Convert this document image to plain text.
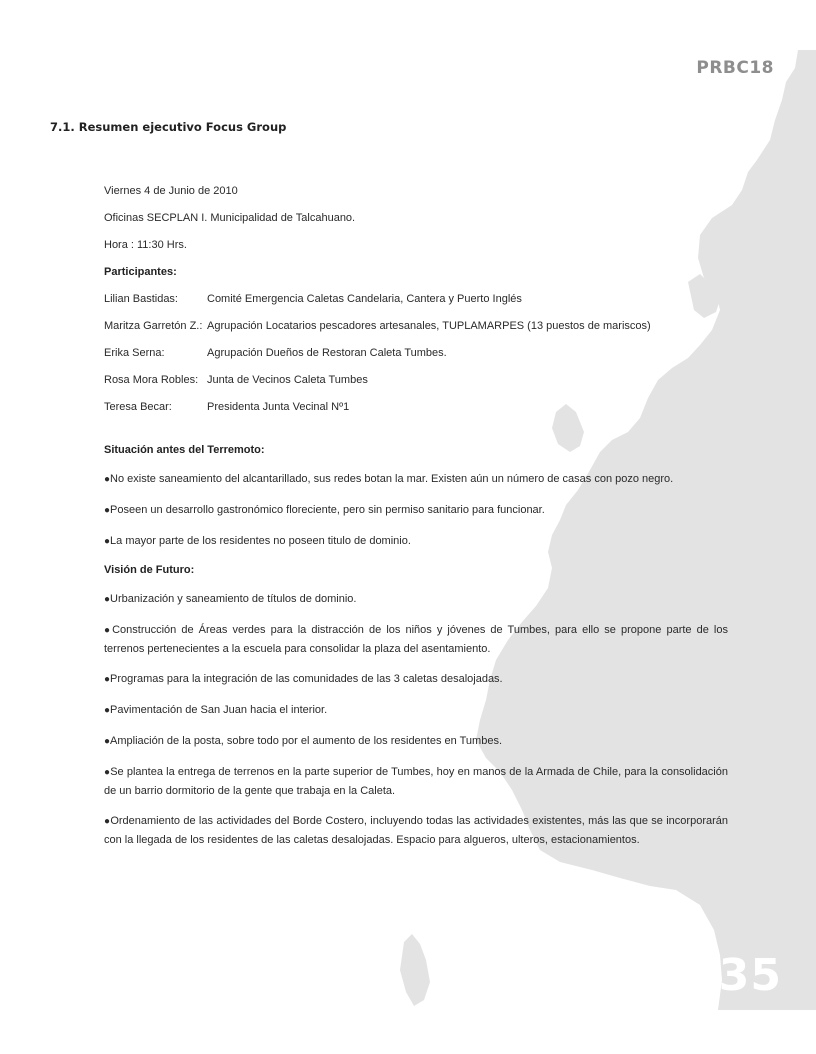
PRBC18
7.1. Resumen ejecutivo Focus Group

Viernes 4 de Junio de 2010

Oficinas SECPLAN I. Municipalidad de Talcahuano.

Hora : 11:30 Hrs.

Participantes:

Lilian Bastidas:	Comité Emergencia Caletas Candelaria, Cantera y Puerto Inglés
Maritza Garretón Z.: Agrupación Locatarios pescadores artesanales, TUPLAMARPES (13 puestos de mariscos)
Erika Serna:	Agrupación Dueños de Restoran Caleta Tumbes.
Rosa Mora Robles: Junta de Vecinos Caleta Tumbes
Teresa Becar:	Presidenta Junta Vecinal Nº1

Situación antes del Terremoto:

●No existe saneamiento del alcantarillado, sus redes botan la mar. Existen aún un número de casas con pozo negro.
●Poseen un desarrollo gastronómico floreciente, pero sin permiso sanitario para funcionar.
●La mayor parte de los residentes no poseen titulo de dominio.

Visión de Futuro:

●Urbanización y saneamiento de títulos de dominio.
●Construcción de Áreas verdes para la distracción de los niños y jóvenes de Tumbes, para ello se propone parte de los terrenos pertenecientes a la escuela para consolidar la plaza del asentamiento.
●Programas para la integración de las comunidades de las 3 caletas desalojadas.
●Pavimentación de San Juan hacia el interior.
●Ampliación de la posta, sobre todo por el aumento de los residentes en Tumbes.
●Se plantea la entrega de terrenos en la parte superior de Tumbes, hoy en manos de la Armada de Chile, para la consolidación de un barrio dormitorio de la gente que trabaja en la Caleta.
●Ordenamiento de las actividades del Borde Costero, incluyendo todas las actividades existentes, más las que se incorporarán con la llegada de los residentes de las caletas desalojadas. Espacio para algueros, ulteros, estacionamientos.
35
